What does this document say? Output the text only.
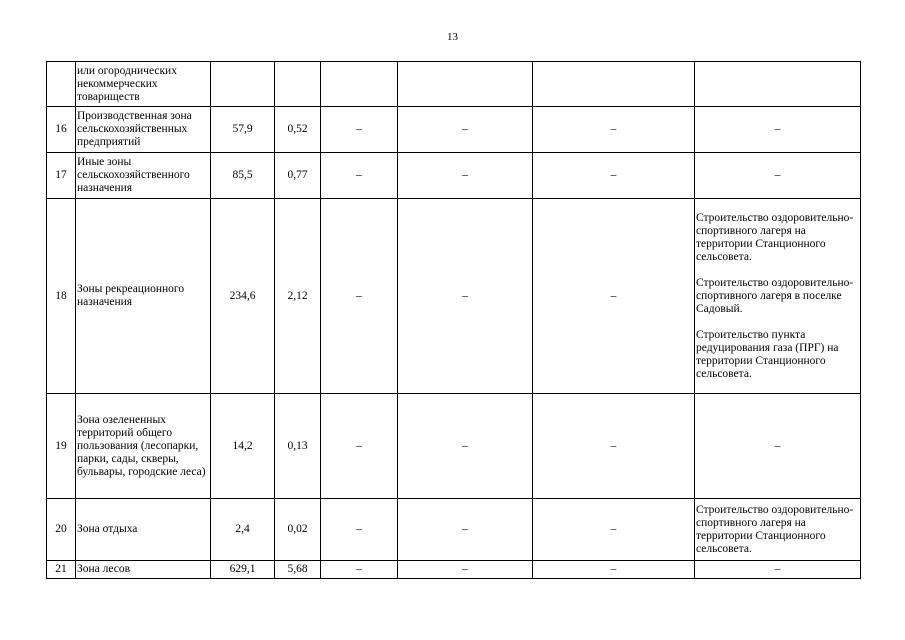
13
	или огороднических некоммерческих товариществ						
16	Производственная зона сельскохозяйственных предприятий	57,9	0,52	–	–	–	–
17	Иные зоны сельскохозяйственного назначения	85,5	0,77	–	–	–	–
18	Зоны рекреационного назначения	234,6	2,12	–	–	–	Строительство оздоровительно-спортивного лагеря на территории Станционного сельсовета.
Строительство оздоровительно-спортивного лагеря в поселке Садовый.
Строительство пункта редуцирования газа (ПРГ) на территории Станционного сельсовета.

19	Зона озелененных территорий общего пользования (лесопарки, парки, сады, скверы, бульвары, городские леса)	14,2	0,13	–	–	–	–
20	Зона отдыха	2,4	0,02	–	–	–	Строительство оздоровительно-спортивного лагеря на территории Станционного сельсовета.
21	Зона лесов	629,1	5,68	–	–	–	–
